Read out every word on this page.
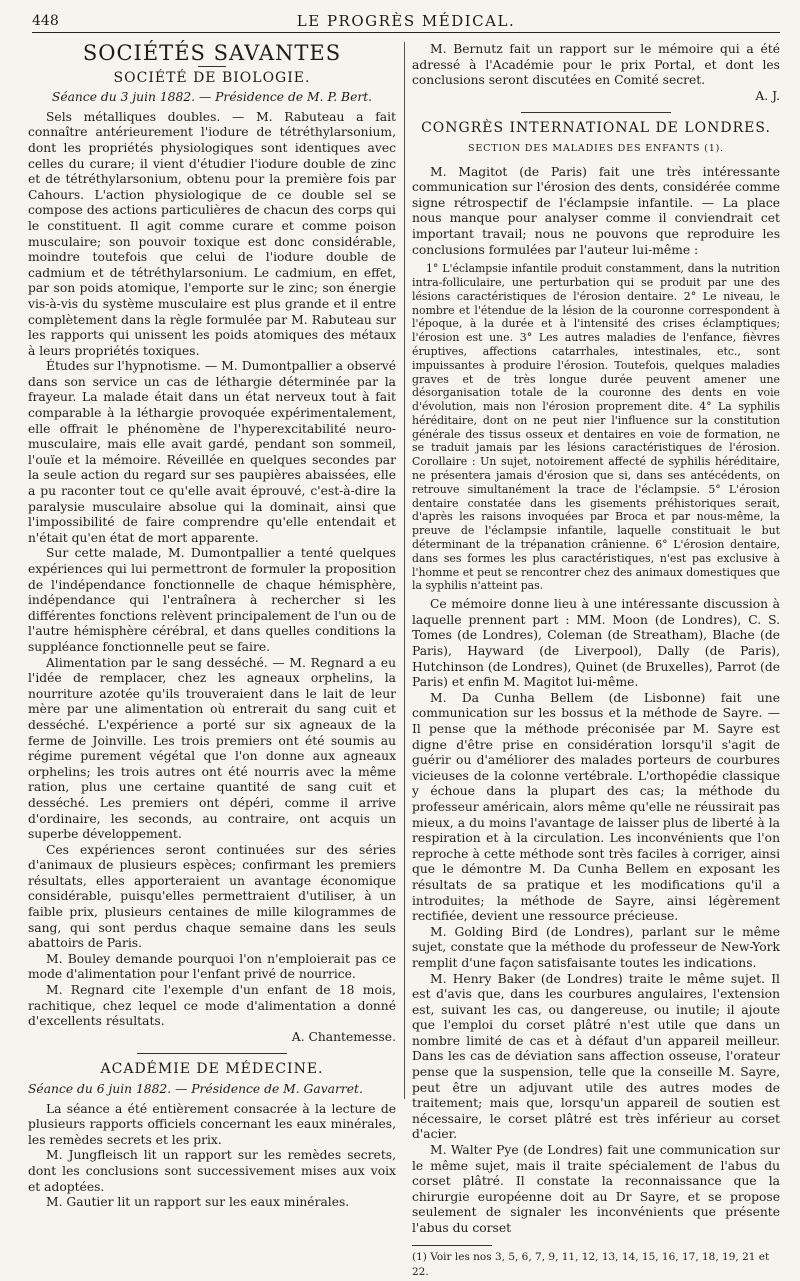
448	LE PROGRÈS MÉDICAL.
SOCIÉTÉS SAVANTES
SOCIÉTÉ DE BIOLOGIE.

Séance du 3 juin 1882. — Présidence de M. P. Bert.

Sels métalliques doubles. — M. Rabuteau a fait connaître antérieurement l'iodure de tétréthylarsonium, dont les propriétés physiologiques sont identiques avec celles du curare; il vient d'étudier l'iodure double de zinc et de tétréthylarsonium, obtenu pour la première fois par Cahours. L'action physiologique de ce double sel se compose des actions particulières de chacun des corps qui le constituent. Il agit comme curare et comme poison musculaire; son pouvoir toxique est donc considérable, moindre toutefois que celui de l'iodure double de cadmium et de tétréthylarsonium. Le cadmium, en effet, par son poids atomique, l'emporte sur le zinc; son énergie vis-à-vis du système musculaire est plus grande et il entre complètement dans la règle formulée par M. Rabuteau sur les rapports qui unissent les poids atomiques des métaux à leurs propriétés toxiques.

Études sur l'hypnotisme. — M. Dumontpallier a observé dans son service un cas de léthargie déterminée par la frayeur. La malade était dans un état nerveux tout à fait comparable à la léthargie provoquée expérimentalement, elle offrait le phénomène de l'hyperexcitabilité neuro-musculaire, mais elle avait gardé, pendant son sommeil, l'ouïe et la mémoire. Réveillée en quelques secondes par la seule action du regard sur ses paupières abaissées, elle a pu raconter tout ce qu'elle avait éprouvé, c'est-à-dire la paralysie musculaire absolue qui la dominait, ainsi que l'impossibilité de faire comprendre qu'elle entendait et n'était qu'en état de mort apparente.

Sur cette malade, M. Dumontpallier a tenté quelques expériences qui lui permettront de formuler la proposition de l'indépendance fonctionnelle de chaque hémisphère, indépendance qui l'entraînera à rechercher si les différentes fonctions relèvent principalement de l'un ou de l'autre hémisphère cérébral, et dans quelles conditions la suppléance fonctionnelle peut se faire.

Alimentation par le sang desséché. — M. Regnard a eu l'idée de remplacer, chez les agneaux orphelins, la nourriture azotée qu'ils trouveraient dans le lait de leur mère par une alimentation où entrerait du sang cuit et desséché. L'expérience a porté sur six agneaux de la ferme de Joinville. Les trois premiers ont été soumis au régime purement végétal que l'on donne aux agneaux orphelins; les trois autres ont été nourris avec la même ration, plus une certaine quantité de sang cuit et desséché. Les premiers ont dépéri, comme il arrive d'ordinaire, les seconds, au contraire, ont acquis un superbe développement.

Ces expériences seront continuées sur des séries d'animaux de plusieurs espèces; confirmant les premiers résultats, elles apporteraient un avantage économique considérable, puisqu'elles permettraient d'utiliser, à un faible prix, plusieurs centaines de mille kilogrammes de sang, qui sont perdus chaque semaine dans les seuls abattoirs de Paris.

M. Bouley demande pourquoi l'on n'emploierait pas ce mode d'alimentation pour l'enfant privé de nourrice.

M. Regnard cite l'exemple d'un enfant de 18 mois, rachitique, chez lequel ce mode d'alimentation a donné d'excellents résultats.

A. Chantemesse.

ACADÉMIE DE MÉDECINE.

Séance du 6 juin 1882. — Présidence de M. Gavarret.

La séance a été entièrement consacrée à la lecture de plusieurs rapports officiels concernant les eaux minérales, les remèdes secrets et les prix.

M. Jungfleisch lit un rapport sur les remèdes secrets, dont les conclusions sont successivement mises aux voix et adoptées.

M. Gautier lit un rapport sur les eaux minérales.

M. Bernutz fait un rapport sur le mémoire qui a été adressé à l'Académie pour le prix Portal, et dont les conclusions seront discutées en Comité secret.

A. J.

CONGRÈS INTERNATIONAL DE LONDRES.
SECTION DES MALADIES DES ENFANTS (1).

M. Magitot (de Paris) fait une très intéressante communication sur l'érosion des dents, considérée comme signe rétrospectif de l'éclampsie infantile. — La place nous manque pour analyser comme il conviendrait cet important travail; nous ne pouvons que reproduire les conclusions formulées par l'auteur lui-même :

1° L'éclampsie infantile produit constamment, dans la nutrition intra-folliculaire, une perturbation qui se produit par une des lésions caractéristiques de l'érosion dentaire. 2° Le niveau, le nombre et l'étendue de la lésion de la couronne correspondent à l'époque, à la durée et à l'intensité des crises éclamptiques; l'érosion est une. 3° Les autres maladies de l'enfance, fièvres éruptives, affections catarrhales, intestinales, etc., sont impuissantes à produire l'érosion. Toutefois, quelques maladies graves et de très longue durée peuvent amener une désorganisation totale de la couronne des dents en voie d'évolution, mais non l'érosion proprement dite. 4° La syphilis héréditaire, dont on ne peut nier l'influence sur la constitution générale des tissus osseux et dentaires en voie de formation, ne se traduit jamais par les lésions caractéristiques de l'érosion. Corollaire : Un sujet, notoirement affecté de syphilis héréditaire, ne présentera jamais d'érosion que si, dans ses antécédents, on retrouve simultanément la trace de l'éclampsie. 5° L'érosion dentaire constatée dans les gisements préhistoriques serait, d'après les raisons invoquées par Broca et par nous-même, la preuve de l'éclampsie infantile, laquelle constituait le but déterminant de la trépanation crânienne. 6° L'érosion dentaire, dans ses formes les plus caractéristiques, n'est pas exclusive à l'homme et peut se rencontrer chez des animaux domestiques que la syphilis n'atteint pas.

Ce mémoire donne lieu à une intéressante discussion à laquelle prennent part : MM. Moon (de Londres), C. S. Tomes (de Londres), Coleman (de Streatham), Blache (de Paris), Hayward (de Liverpool), Dally (de Paris), Hutchinson (de Londres), Quinet (de Bruxelles), Parrot (de Paris) et enfin M. Magitot lui-même.

M. Da Cunha Bellem (de Lisbonne) fait une communication sur les bossus et la méthode de Sayre. — Il pense que la méthode préconisée par M. Sayre est digne d'être prise en considération lorsqu'il s'agit de guérir ou d'améliorer des malades porteurs de courbures vicieuses de la colonne vertébrale. L'orthopédie classique y échoue dans la plupart des cas; la méthode du professeur américain, alors même qu'elle ne réussirait pas mieux, a du moins l'avantage de laisser plus de liberté à la respiration et à la circulation. Les inconvénients que l'on reproche à cette méthode sont très faciles à corriger, ainsi que le démontre M. Da Cunha Bellem en exposant les résultats de sa pratique et les modifications qu'il a introduites; la méthode de Sayre, ainsi légèrement rectifiée, devient une ressource précieuse.

M. Golding Bird (de Londres), parlant sur le même sujet, constate que la méthode du professeur de New-York remplit d'une façon satisfaisante toutes les indications.

M. Henry Baker (de Londres) traite le même sujet. Il est d'avis que, dans les courbures angulaires, l'extension est, suivant les cas, ou dangereuse, ou inutile; il ajoute que l'emploi du corset plâtré n'est utile que dans un nombre limité de cas et à défaut d'un appareil meilleur. Dans les cas de déviation sans affection osseuse, l'orateur pense que la suspension, telle que la conseille M. Sayre, peut être un adjuvant utile des autres modes de traitement; mais que, lorsqu'un appareil de soutien est nécessaire, le corset plâtré est très inférieur au corset d'acier.

M. Walter Pye (de Londres) fait une communication sur le même sujet, mais il traite spécialement de l'abus du corset plâtré. Il constate la reconnaissance que la chirurgie européenne doit au Dr Sayre, et se propose seulement de signaler les inconvénients que présente l'abus du corset

(1) Voir les nos 3, 5, 6, 7, 9, 11, 12, 13, 14, 15, 16, 17, 18, 19, 21 et 22.
